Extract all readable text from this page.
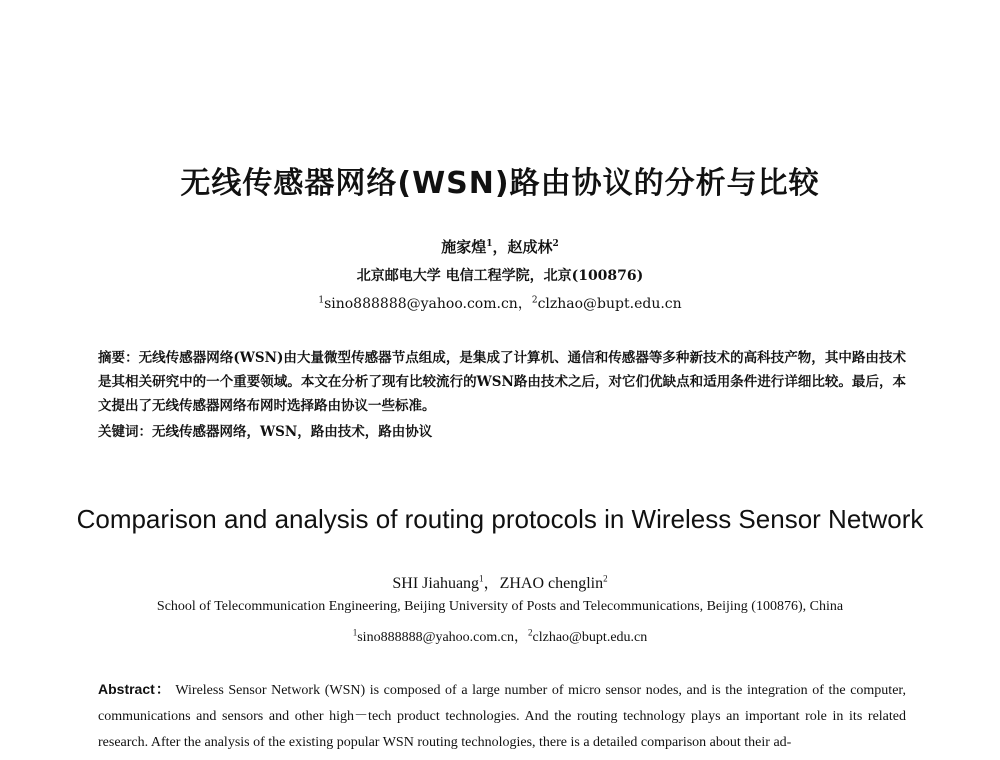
无线传感器网络(WSN)路由协议的分析与比较
施家煌$^1$，赵成林$^2$
北京邮电大学 电信工程学院，北京(100876)
$^1$sino888888@yahoo.com.cn，$^2$clzhao@bupt.edu.cn
摘要：无线传感器网络(WSN)由大量微型传感器节点组成，是集成了计算机、通信和传感器等多种新技术的高科技产物，其中路由技术是其相关研究中的一个重要领域。本文在分析了现有比较流行的WSN路由技术之后，对它们优缺点和适用条件进行详细比较。最后，本文提出了无线传感器网络布网时选择路由协议一些标准。
关键词：无线传感器网络，WSN，路由技术，路由协议
Comparison and analysis of routing protocols in Wireless Sensor Network
SHI Jiahuang$^1$，ZHAO chenglin$^2$
School of Telecommunication Engineering, Beijing University of Posts and Telecommunications, Beijing (100876), China
$^1$sino888888@yahoo.com.cn，$^2$clzhao@bupt.edu.cn
Abstract： Wireless Sensor Network (WSN) is composed of a large number of micro sensor nodes, and is the integration of the computer, communications and sensors and other high－tech product technologies. And the routing technology plays an important role in its related research. After the analysis of the existing popular WSN routing technologies, there is a detailed comparison about their ad-
